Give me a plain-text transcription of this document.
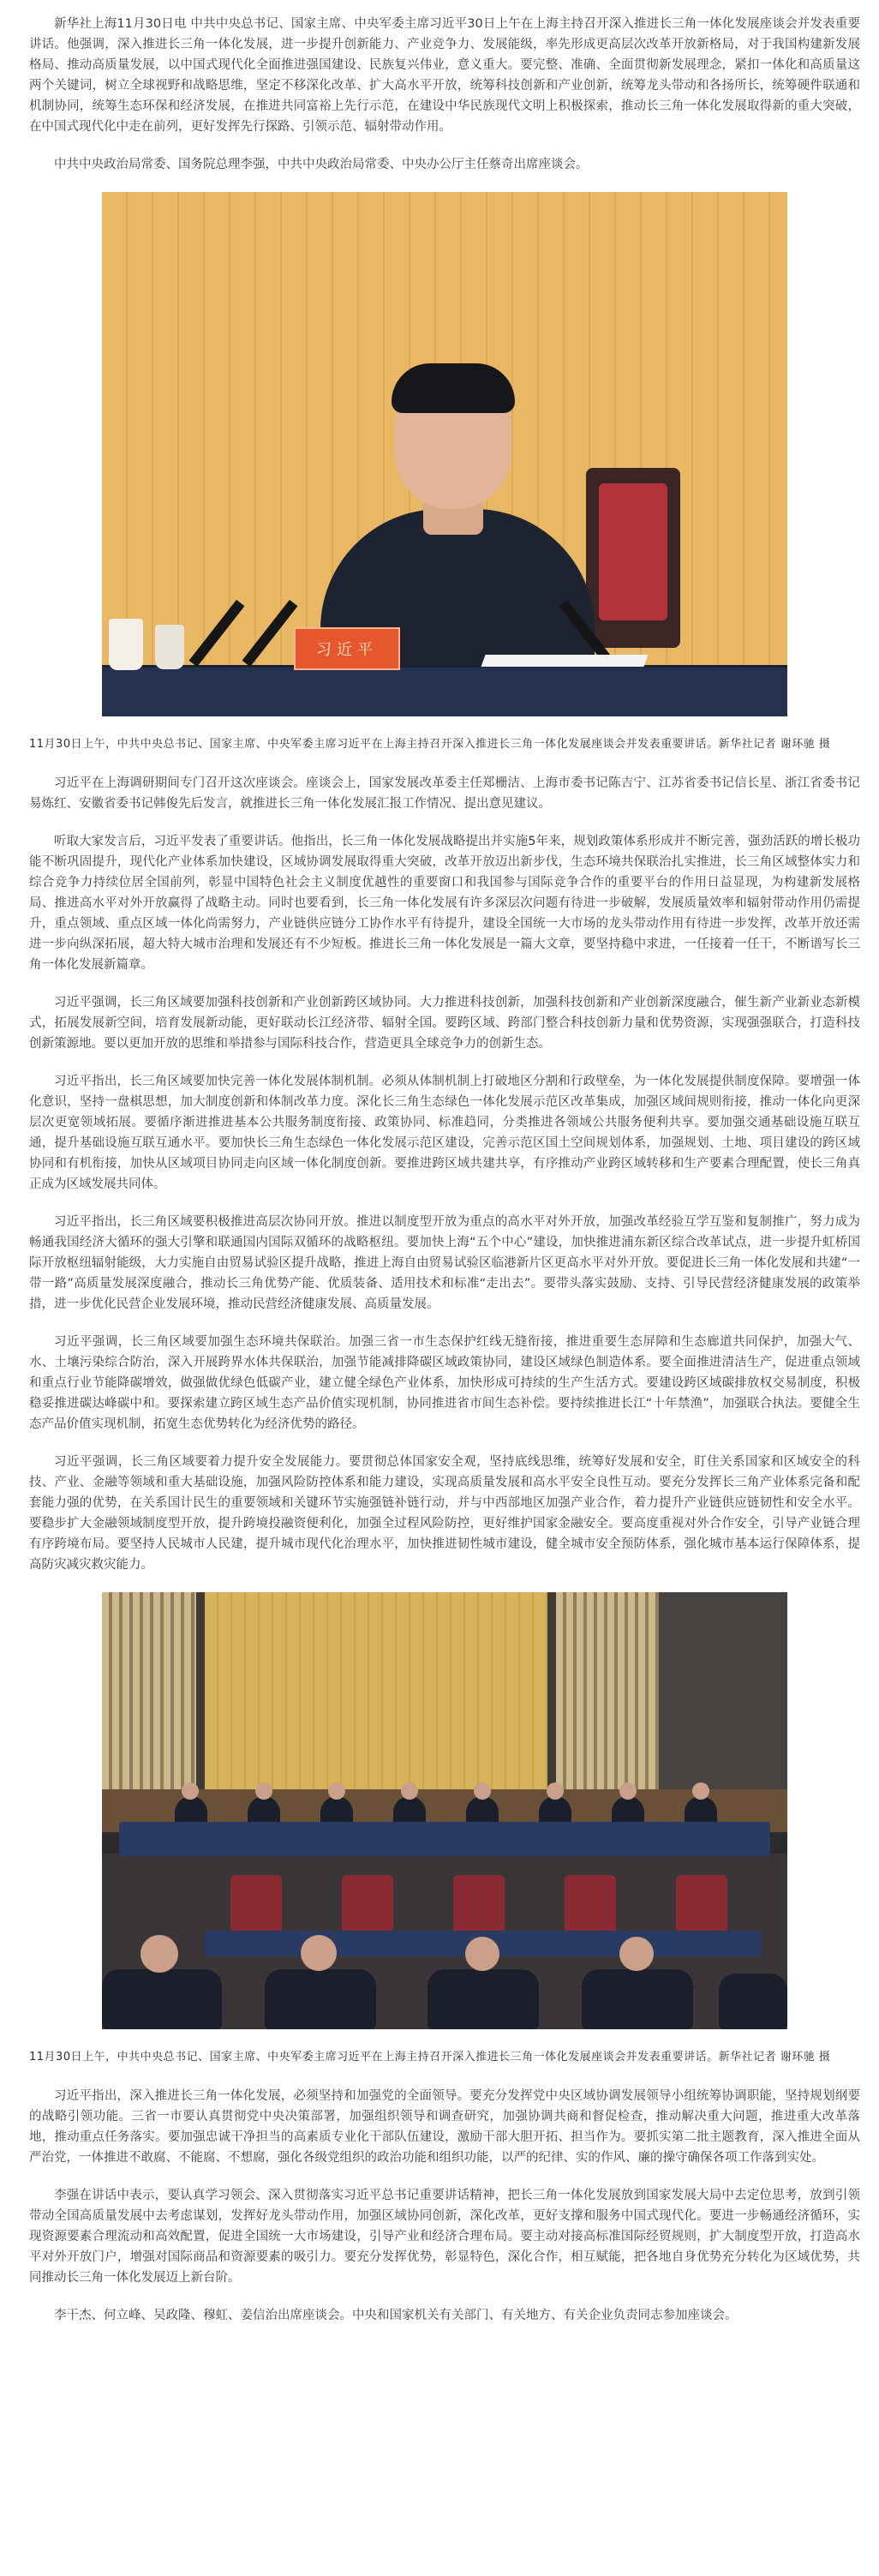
新华社上海11月30日电 中共中央总书记、国家主席、中央军委主席习近平30日上午在上海主持召开深入推进长三角一体化发展座谈会并发表重要讲话。他强调，深入推进长三角一体化发展，进一步提升创新能力、产业竞争力、发展能级，率先形成更高层次改革开放新格局，对于我国构建新发展格局、推动高质量发展，以中国式现代化全面推进强国建设、民族复兴伟业，意义重大。要完整、准确、全面贯彻新发展理念，紧扣一体化和高质量这两个关键词，树立全球视野和战略思维，坚定不移深化改革、扩大高水平开放，统筹科技创新和产业创新，统筹龙头带动和各扬所长，统筹硬件联通和机制协同，统筹生态环保和经济发展，在推进共同富裕上先行示范，在建设中华民族现代文明上积极探索，推动长三角一体化发展取得新的重大突破，在中国式现代化中走在前列，更好发挥先行探路、引领示范、辐射带动作用。

中共中央政治局常委、国务院总理李强，中共中央政治局常委、中央办公厅主任蔡奇出席座谈会。

习近平

11月30日上午，中共中央总书记、国家主席、中央军委主席习近平在上海主持召开深入推进长三角一体化发展座谈会并发表重要讲话。新华社记者 谢环驰 摄

习近平在上海调研期间专门召开这次座谈会。座谈会上，国家发展改革委主任郑栅洁、上海市委书记陈吉宁、江苏省委书记信长星、浙江省委书记易炼红、安徽省委书记韩俊先后发言，就推进长三角一体化发展汇报工作情况、提出意见建议。

听取大家发言后，习近平发表了重要讲话。他指出，长三角一体化发展战略提出并实施5年来，规划政策体系形成并不断完善，强劲活跃的增长极功能不断巩固提升，现代化产业体系加快建设，区域协调发展取得重大突破，改革开放迈出新步伐，生态环境共保联治扎实推进，长三角区域整体实力和综合竞争力持续位居全国前列，彰显中国特色社会主义制度优越性的重要窗口和我国参与国际竞争合作的重要平台的作用日益显现，为构建新发展格局、推进高水平对外开放赢得了战略主动。同时也要看到，长三角一体化发展有许多深层次问题有待进一步破解，发展质量效率和辐射带动作用仍需提升，重点领域、重点区域一体化尚需努力，产业链供应链分工协作水平有待提升，建设全国统一大市场的龙头带动作用有待进一步发挥，改革开放还需进一步向纵深拓展，超大特大城市治理和发展还有不少短板。推进长三角一体化发展是一篇大文章，要坚持稳中求进，一任接着一任干，不断谱写长三角一体化发展新篇章。

习近平强调，长三角区域要加强科技创新和产业创新跨区域协同。大力推进科技创新，加强科技创新和产业创新深度融合，催生新产业新业态新模式，拓展发展新空间，培育发展新动能，更好联动长江经济带、辐射全国。要跨区域、跨部门整合科技创新力量和优势资源，实现强强联合，打造科技创新策源地。要以更加开放的思维和举措参与国际科技合作，营造更具全球竞争力的创新生态。

习近平指出，长三角区域要加快完善一体化发展体制机制。必须从体制机制上打破地区分割和行政壁垒，为一体化发展提供制度保障。要增强一体化意识，坚持一盘棋思想，加大制度创新和体制改革力度。深化长三角生态绿色一体化发展示范区改革集成，加强区域间规则衔接，推动一体化向更深层次更宽领域拓展。要循序渐进推进基本公共服务制度衔接、政策协同、标准趋同，分类推进各领域公共服务便利共享。要加强交通基础设施互联互通，提升基础设施互联互通水平。要加快长三角生态绿色一体化发展示范区建设，完善示范区国土空间规划体系，加强规划、土地、项目建设的跨区域协同和有机衔接，加快从区域项目协同走向区域一体化制度创新。要推进跨区域共建共享，有序推动产业跨区域转移和生产要素合理配置，使长三角真正成为区域发展共同体。

习近平指出，长三角区域要积极推进高层次协同开放。推进以制度型开放为重点的高水平对外开放，加强改革经验互学互鉴和复制推广，努力成为畅通我国经济大循环的强大引擎和联通国内国际双循环的战略枢纽。要加快上海“五个中心”建设，加快推进浦东新区综合改革试点，进一步提升虹桥国际开放枢纽辐射能级，大力实施自由贸易试验区提升战略，推进上海自由贸易试验区临港新片区更高水平对外开放。要促进长三角一体化发展和共建“一带一路”高质量发展深度融合，推动长三角优势产能、优质装备、适用技术和标准“走出去”。要带头落实鼓励、支持、引导民营经济健康发展的政策举措，进一步优化民营企业发展环境，推动民营经济健康发展、高质量发展。

习近平强调，长三角区域要加强生态环境共保联治。加强三省一市生态保护红线无缝衔接，推进重要生态屏障和生态廊道共同保护，加强大气、水、土壤污染综合防治，深入开展跨界水体共保联治，加强节能减排降碳区域政策协同，建设区域绿色制造体系。要全面推进清洁生产，促进重点领域和重点行业节能降碳增效，做强做优绿色低碳产业，建立健全绿色产业体系，加快形成可持续的生产生活方式。要建设跨区域碳排放权交易制度，积极稳妥推进碳达峰碳中和。要探索建立跨区域生态产品价值实现机制，协同推进省市间生态补偿。要持续推进长江“十年禁渔”，加强联合执法。要健全生态产品价值实现机制，拓宽生态优势转化为经济优势的路径。

习近平强调，长三角区域要着力提升安全发展能力。要贯彻总体国家安全观，坚持底线思维，统筹好发展和安全，盯住关系国家和区域安全的科技、产业、金融等领域和重大基础设施，加强风险防控体系和能力建设，实现高质量发展和高水平安全良性互动。要充分发挥长三角产业体系完备和配套能力强的优势，在关系国计民生的重要领域和关键环节实施强链补链行动，并与中西部地区加强产业合作，着力提升产业链供应链韧性和安全水平。要稳步扩大金融领域制度型开放，提升跨境投融资便利化，加强全过程风险防控，更好维护国家金融安全。要高度重视对外合作安全，引导产业链合理有序跨境布局。要坚持人民城市人民建，提升城市现代化治理水平，加快推进韧性城市建设，健全城市安全预防体系，强化城市基本运行保障体系，提高防灾减灾救灾能力。

11月30日上午，中共中央总书记、国家主席、中央军委主席习近平在上海主持召开深入推进长三角一体化发展座谈会并发表重要讲话。新华社记者 谢环驰 摄

习近平指出，深入推进长三角一体化发展，必须坚持和加强党的全面领导。要充分发挥党中央区域协调发展领导小组统筹协调职能，坚持规划纲要的战略引领功能。三省一市要认真贯彻党中央决策部署，加强组织领导和调查研究，加强协调共商和督促检查，推动解决重大问题，推进重大改革落地，推动重点任务落实。要加强忠诚干净担当的高素质专业化干部队伍建设，激励干部大胆开拓、担当作为。要抓实第二批主题教育，深入推进全面从严治党，一体推进不敢腐、不能腐、不想腐，强化各级党组织的政治功能和组织功能，以严的纪律、实的作风、廉的操守确保各项工作落到实处。

李强在讲话中表示，要认真学习领会、深入贯彻落实习近平总书记重要讲话精神，把长三角一体化发展放到国家发展大局中去定位思考，放到引领带动全国高质量发展中去考虑谋划，发挥好龙头带动作用，加强区域协同创新，深化改革，更好支撑和服务中国式现代化。要进一步畅通经济循环，实现资源要素合理流动和高效配置，促进全国统一大市场建设，引导产业和经济合理布局。要主动对接高标准国际经贸规则，扩大制度型开放，打造高水平对外开放门户，增强对国际商品和资源要素的吸引力。要充分发挥优势，彰显特色，深化合作，相互赋能，把各地自身优势充分转化为区域优势，共同推动长三角一体化发展迈上新台阶。

李干杰、何立峰、吴政隆、穆虹、姜信治出席座谈会。中央和国家机关有关部门、有关地方、有关企业负责同志参加座谈会。
